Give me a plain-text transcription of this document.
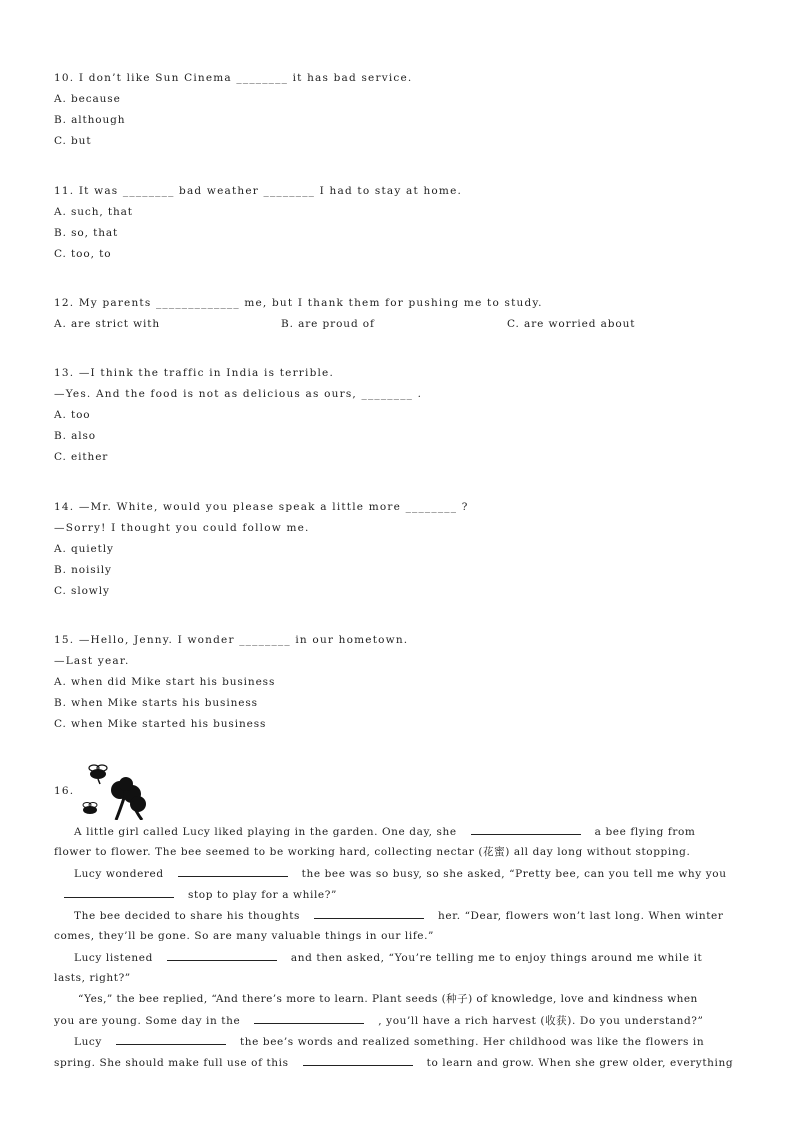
10. I don’t like Sun Cinema ________ it has bad service.
A. because
B. although
C. but
11. It was ________ bad weather ________ I had to stay at home.
A. such, that
B. so, that
C. too, to
12. My parents _____________ me, but I thank them for pushing me to study.
A. are strict with	B. are proud of	C. are worried about
13. —I think the traffic in India is terrible.
—Yes. And the food is not as delicious as ours, ________ .
A. too
B. also
C. either
14. —Mr. White, would you please speak a little more ________ ?
—Sorry! I thought you could follow me.
A. quietly
B. noisily
C. slowly
15. —Hello, Jenny. I wonder ________ in our hometown.
—Last year.
A. when did Mike start his business
B. when Mike starts his business
C. when Mike started his business
16.
A little girl called Lucy liked playing in the garden. One day, she	a bee flying from
flower to flower. The bee seemed to be working hard, collecting nectar (花蜜) all day long without stopping.
Lucy wondered	the bee was so busy, so she asked, “Pretty bee, can you tell me why you
stop to play for a while?”
The bee decided to share his thoughts	her. “Dear, flowers won’t last long. When winter
comes, they’ll be gone. So are many valuable things in our life.”
Lucy listened	and then asked, “You’re telling me to enjoy things around me while it
lasts, right?”
“Yes,” the bee replied, “And there’s more to learn. Plant seeds (种子) of knowledge, love and kindness when
you are young. Some day in the	, you’ll have a rich harvest (收获). Do you understand?”
Lucy	the bee’s words and realized something. Her childhood was like the flowers in
spring. She should make full use of this	to learn and grow. When she grew older, everything
